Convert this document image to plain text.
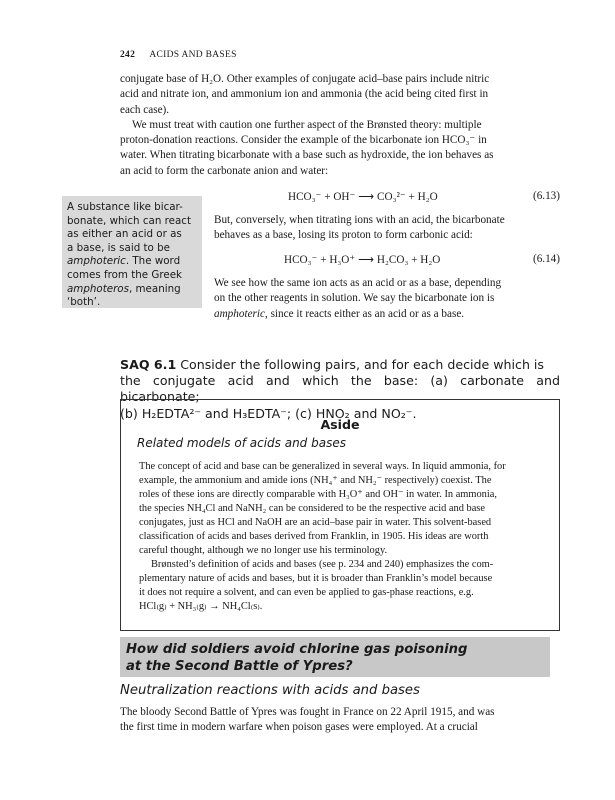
242 ACIDS AND BASES

conjugate base of H₂O. Other examples of conjugate acid–base pairs include nitric

acid and nitrate ion, and ammonium ion and ammonia (the acid being cited first in

each case).

We must treat with caution one further aspect of the Brønsted theory: multiple

proton-donation reactions. Consider the example of the bicarbonate ion HCO₃⁻ in

water. When titrating bicarbonate with a base such as hydroxide, the ion behaves as

an acid to form the carbonate anion and water:

A substance like bicar-
bonate, which can react
as either an acid or as
a base, is said to be
amphoteric. The word
comes from the Greek
amphoteros, meaning
‘both’.
HCO₃⁻ + OH⁻ ⟶ CO₃²⁻ + H₂O	(6.13)

But, conversely, when titrating ions with an acid, the bicarbonate

behaves as a base, losing its proton to form carbonic acid:

HCO₃⁻ + H₃O⁺ ⟶ H₂CO₃ + H₂O	(6.14)

We see how the same ion acts as an acid or as a base, depending

on the other reagents in solution. We say the bicarbonate ion is

amphoteric, since it reacts either as an acid or as a base.

SAQ 6.1 Consider the following pairs, and for each decide which is
the conjugate acid and which the base: (a) carbonate and bicarbonate;
(b) H₂EDTA²⁻ and H₃EDTA⁻; (c) HNO₂ and NO₂⁻.
Aside
Related models of acids and bases
The concept of acid and base can be generalized in several ways. In liquid ammonia, for
example, the ammonium and amide ions (NH₄⁺ and NH₂⁻ respectively) coexist. The
roles of these ions are directly comparable with H₃O⁺ and OH⁻ in water. In ammonia,
the species NH₄Cl and NaNH₂ can be considered to be the respective acid and base
conjugates, just as HCl and NaOH are an acid–base pair in water. This solvent-based
classification of acids and bases derived from Franklin, in 1905. His ideas are worth
careful thought, although we no longer use his terminology.
Brønsted’s definition of acids and bases (see p. 234 and 240) emphasizes the com-
plementary nature of acids and bases, but it is broader than Franklin’s model because
it does not require a solvent, and can even be applied to gas-phase reactions, e.g.
HCl₍g₎ + NH₃₍g₎ → NH₄Cl₍s₎.
How did soldiers avoid chlorine gas poisoning
at the Second Battle of Ypres?
Neutralization reactions with acids and bases

The bloody Second Battle of Ypres was fought in France on 22 April 1915, and was

the first time in modern warfare when poison gases were employed. At a crucial
